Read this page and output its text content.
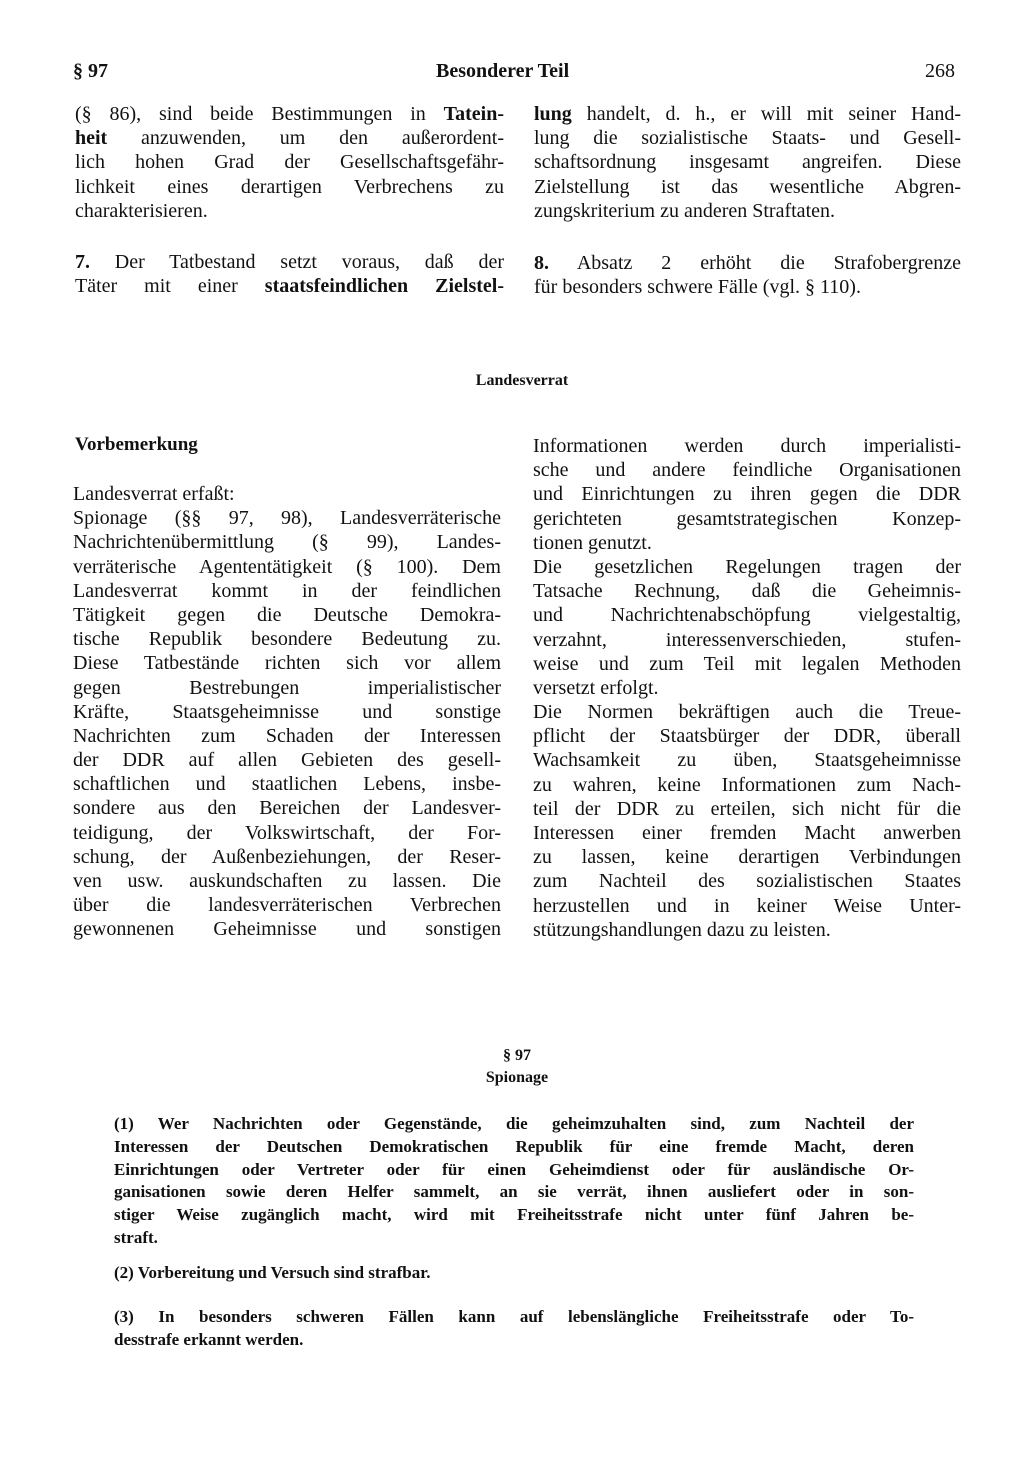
§ 97	Besonderer Teil	268
(§ 86), sind beide Bestimmungen in Tatein-
heit anzuwenden, um den außerordent-
lich hohen Grad der Gesellschaftsgefähr-
lichkeit eines derartigen Verbrechens zu
charakterisieren.
7. Der Tatbestand setzt voraus, daß der
Täter mit einer staatsfeindlichen Zielstel-
lung handelt, d. h., er will mit seiner Hand-
lung die sozialistische Staats- und Gesell-
schaftsordnung insgesamt angreifen. Diese
Zielstellung ist das wesentliche Abgren-
zungskriterium zu anderen Straftaten.
8. Absatz 2 erhöht die Strafobergrenze
für besonders schwere Fälle (vgl. § 110).
Landesverrat
Vorbemerkung
Landesverrat erfaßt:
Spionage (§§ 97, 98), Landesverräterische
Nachrichtenübermittlung (§ 99), Landes-
verräterische Agententätigkeit (§ 100). Dem
Landesverrat kommt in der feindlichen
Tätigkeit gegen die Deutsche Demokra-
tische Republik besondere Bedeutung zu.
Diese Tatbestände richten sich vor allem
gegen Bestrebungen imperialistischer
Kräfte, Staatsgeheimnisse und sonstige
Nachrichten zum Schaden der Interessen
der DDR auf allen Gebieten des gesell-
schaftlichen und staatlichen Lebens, insbe-
sondere aus den Bereichen der Landesver-
teidigung, der Volkswirtschaft, der For-
schung, der Außenbeziehungen, der Reser-
ven usw. auskundschaften zu lassen. Die
über die landesverräterischen Verbrechen
gewonnenen Geheimnisse und sonstigen
Informationen werden durch imperialisti-
sche und andere feindliche Organisationen
und Einrichtungen zu ihren gegen die DDR
gerichteten gesamtstrategischen Konzep-
tionen genutzt.
Die gesetzlichen Regelungen tragen der
Tatsache Rechnung, daß die Geheimnis-
und Nachrichtenabschöpfung vielgestaltig,
verzahnt, interessenverschieden, stufen-
weise und zum Teil mit legalen Methoden
versetzt erfolgt.
Die Normen bekräftigen auch die Treue-
pflicht der Staatsbürger der DDR, überall
Wachsamkeit zu üben, Staatsgeheimnisse
zu wahren, keine Informationen zum Nach-
teil der DDR zu erteilen, sich nicht für die
Interessen einer fremden Macht anwerben
zu lassen, keine derartigen Verbindungen
zum Nachteil des sozialistischen Staates
herzustellen und in keiner Weise Unter-
stützungshandlungen dazu zu leisten.
§ 97
Spionage
(1) Wer Nachrichten oder Gegenstände, die geheimzuhalten sind, zum Nachteil der
Interessen der Deutschen Demokratischen Republik für eine fremde Macht, deren
Einrichtungen oder Vertreter oder für einen Geheimdienst oder für ausländische Or-
ganisationen sowie deren Helfer sammelt, an sie verrät, ihnen ausliefert oder in son-
stiger Weise zugänglich macht, wird mit Freiheitsstrafe nicht unter fünf Jahren be-
straft.
(2) Vorbereitung und Versuch sind strafbar.
(3) In besonders schweren Fällen kann auf lebenslängliche Freiheitsstrafe oder To-
desstrafe erkannt werden.
